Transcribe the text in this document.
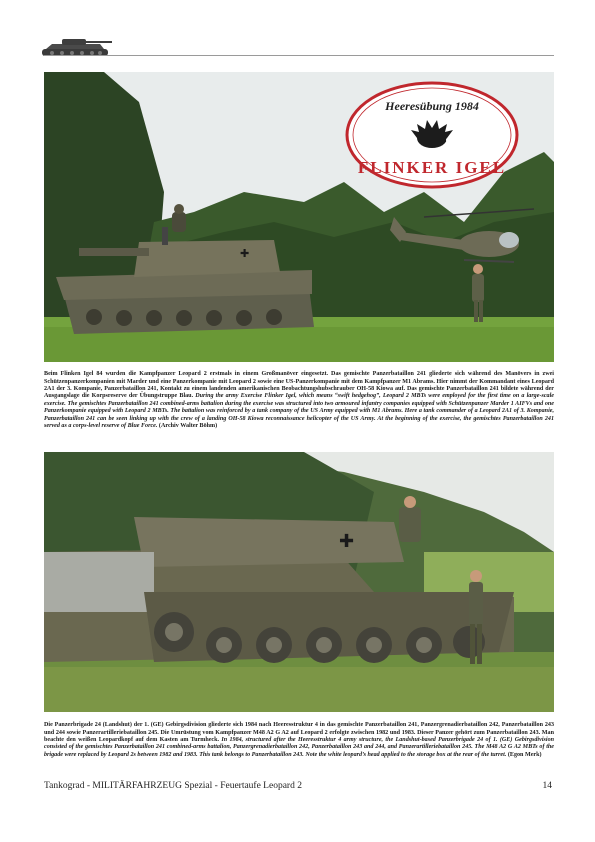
✚
Heeresübung 1984
FLINKER IGEL

Beim Flinken Igel 84 wurden die Kampfpanzer Leopard 2 erstmals in einem Großmanöver eingesetzt. Das gemischte Panzerbataillon 241 gliederte sich während des Manövers in zwei Schützenpanzerkompanien mit Marder und eine Panzerkompanie mit Leopard 2 sowie eine US-Panzerkompanie mit dem Kampfpanzer M1 Abrams. Hier nimmt der Kommandant eines Leopard 2A1 der 3. Kompanie, Panzerbataillon 241, Kontakt zu einem landenden amerikanischen Beobachtungshubschrauber OH-58 Kiowa auf. Das gemischte Panzerbataillon 241 bildete während der Ausgangslage die Korpsreserve der Übungstruppe Blau. During the army Exercise Flinker Igel, which means “swift hedgehog”, Leopard 2 MBTs were employed for the first time on a large-scale exercise. The gemischtes Panzerbataillon 241 combined-arms battalion during the exercise was structured into two armoured infantry companies equipped with Schützenpanzer Marder 1 AIFVs and one Panzerkompanie equipped with Leopard 2 MBTs. The battalion was reinforced by a tank company of the US Army equipped with M1 Abrams. Here a tank commander of a Leopard 2A1 of 3. Kompanie, Panzerbataillon 241 can be seen linking up with the crew of a landing OH-58 Kiowa reconnaissance helicopter of the US Army. At the beginning of the exercise, the gemischtes Panzerbataillon 241 served as a corps-level reserve of Blue Force. (Archiv Walter Böhm)

✚

Die Panzerbrigade 24 (Landshut) der 1. (GE) Gebirgsdivision gliederte sich 1984 nach Heeresstruktur 4 in das gemischte Panzerbataillon 241, Panzergrenadierbataillon 242, Panzerbataillon 243 und 244 sowie Panzerartilleriebataillon 245. Die Umrüstung vom Kampfpanzer M48 A2 G A2 auf Leopard 2 erfolgte zwischen 1982 und 1983. Dieser Panzer gehört zum Panzerbataillon 243. Man beachte den weißen Leopardkopf auf dem Kasten am Turmheck. In 1984, structured after the Heeresstruktur 4 army structure, the Landshut-based Panzerbrigade 24 of 1. (GE) Gebirgsdivision consisted of the gemischtes Panzerbataillon 241 combined-arms battalion, Panzergrenadierbataillon 242, Panzerbataillon 243 and 244, and Panzerartilleriebataillon 245. The M48 A2 G A2 MBTs of the brigade were replaced by Leopard 2s between 1982 and 1983. This tank belongs to Panzerbataillon 243. Note the white leopard’s head applied to the storage box at the rear of the turret. (Egon Merk)

Tankograd - MILITÄRFAHRZEUG Spezial - Feuertaufe Leopard 2	14
